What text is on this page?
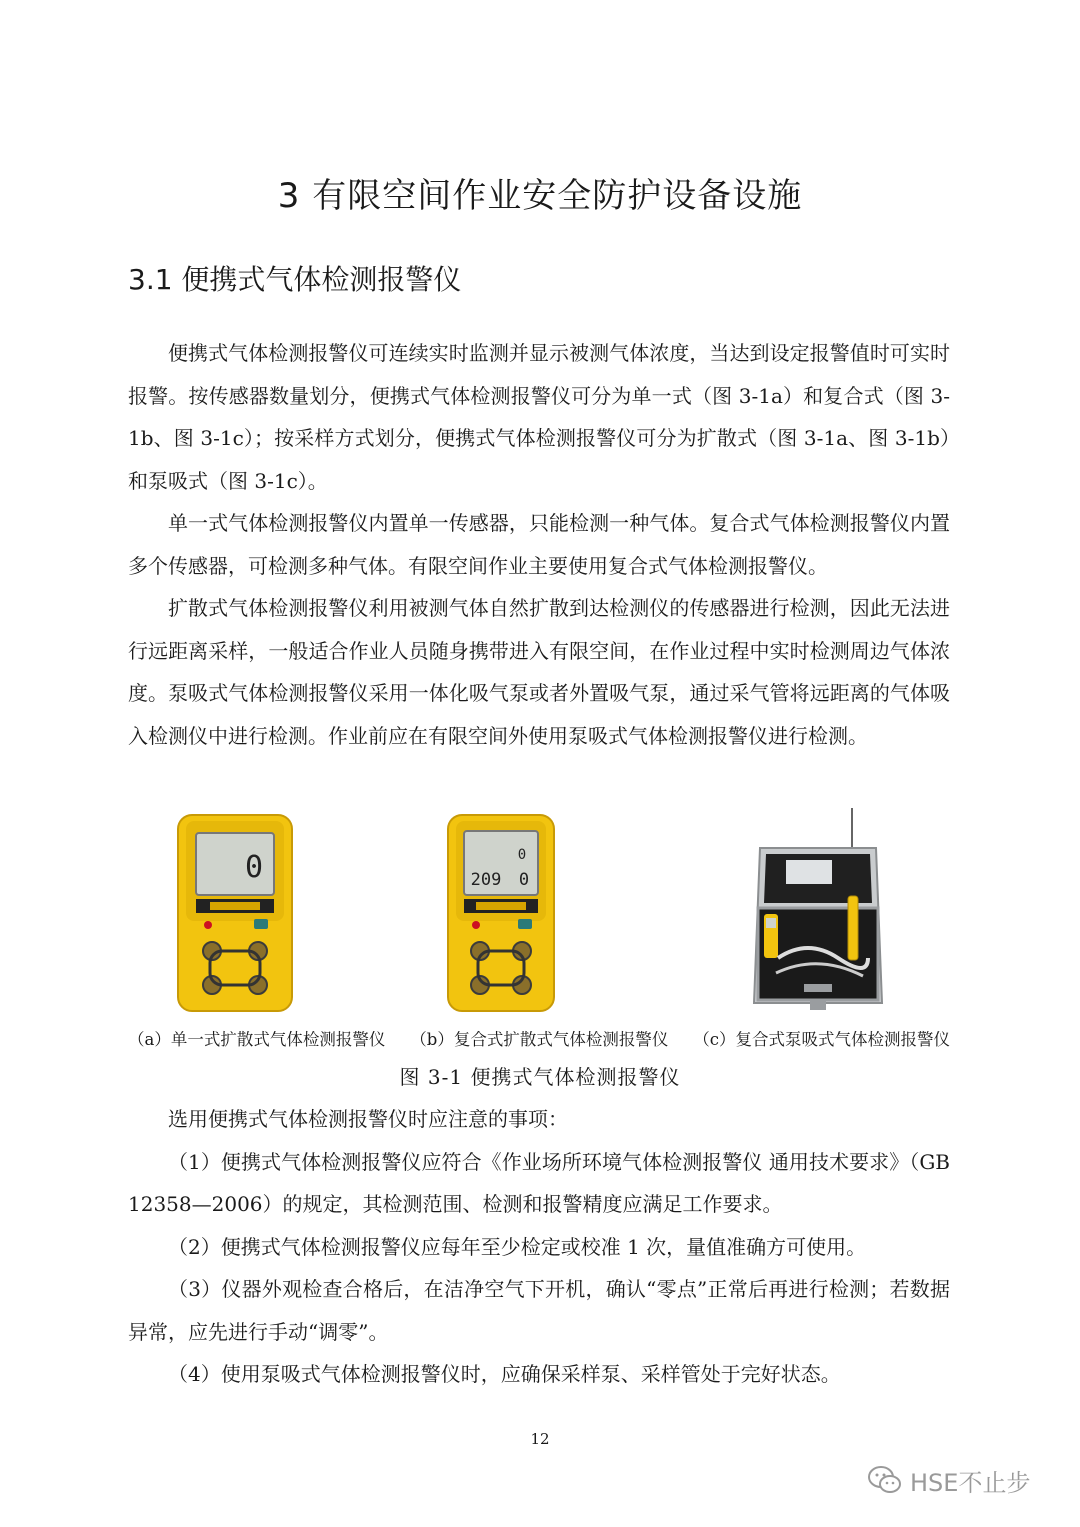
3 有限空间作业安全防护设备设施
3.1 便携式气体检测报警仪

便携式气体检测报警仪可连续实时监测并显示被测气体浓度，当达到设定报警值时可实时报警。按传感器数量划分，便携式气体检测报警仪可分为单一式（图 3-1a）和复合式（图 3-1b、图 3-1c）；按采样方式划分，便携式气体检测报警仪可分为扩散式（图 3-1a、图 3-1b）和泵吸式（图 3-1c）。

单一式气体检测报警仪内置单一传感器，只能检测一种气体。复合式气体检测报警仪内置多个传感器，可检测多种气体。有限空间作业主要使用复合式气体检测报警仪。

扩散式气体检测报警仪利用被测气体自然扩散到达检测仪的传感器进行检测，因此无法进行远距离采样，一般适合作业人员随身携带进入有限空间，在作业过程中实时检测周边气体浓度。泵吸式气体检测报警仪采用一体化吸气泵或者外置吸气泵，通过采气管将远距离的气体吸入检测仪中进行检测。作业前应在有限空间外使用泵吸式气体检测报警仪进行检测。

0	0
209 0
（a）单一式扩散式气体检测报警仪 （b）复合式扩散式气体检测报警仪 （c）复合式泵吸式气体检测报警仪
图 3-1 便携式气体检测报警仪

选用便携式气体检测报警仪时应注意的事项：

（1）便携式气体检测报警仪应符合《作业场所环境气体检测报警仪 通用技术要求》（GB 12358—2006）的规定，其检测范围、检测和报警精度应满足工作要求。

（2）便携式气体检测报警仪应每年至少检定或校准 1 次，量值准确方可使用。

（3）仪器外观检查合格后，在洁净空气下开机，确认“零点”正常后再进行检测；若数据异常，应先进行手动“调零”。

（4）使用泵吸式气体检测报警仪时，应确保采样泵、采样管处于完好状态。

12
HSE不止步
